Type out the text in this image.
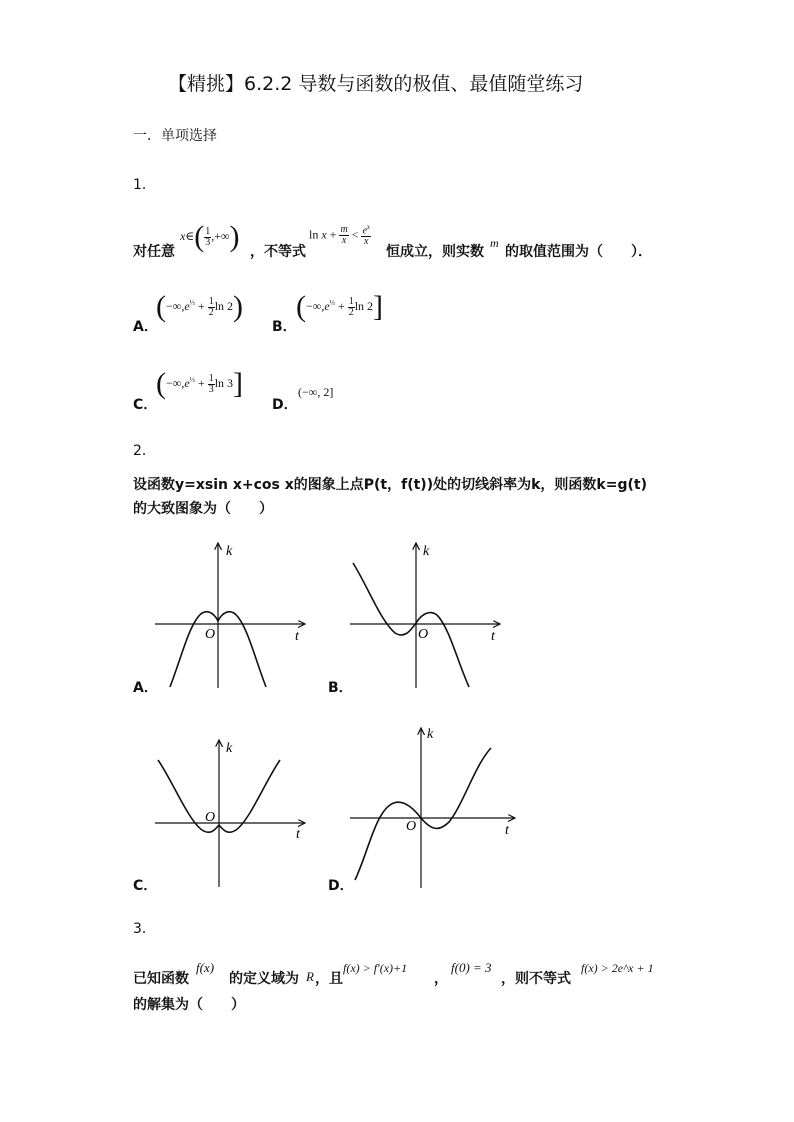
【精挑】6.2.2 导数与函数的极值、最值随堂练习
一．单项选择
1．
对任意
x∈( $\frac{1}{3}$ ,+∞) ，不等式
$\ln x + \frac{m}{x} < \frac{e^x}{x}$
恒成立，则实数
m
的取值范围为（　　）．
A．
($-\infty,e^{\frac{1}{3}} + \frac{1}{2}$ ln 2)
B．
($-\infty,e^{\frac{1}{3}} + \frac{1}{2}$ ln 2]
C．
($-\infty,e^{\frac{1}{3}} + \frac{1}{3}$ ln 3]
D．
(−∞, 2]
2．
设函数y=xsin x+cos x的图象上点P(t，f(t))处的切线斜率为k，则函数k=g(t)
的大致图象为（　　）
k
t
O
A．
k
t
O
B．
k
t
O
C．
k
t
O
D．
3．
已知函数
f(x)
的定义域为 R ，且
f(x) > f′(x)+1
，
f(0) = 3
，则不等式
f(x) > 2e^x + 1
的解集为（　　）
